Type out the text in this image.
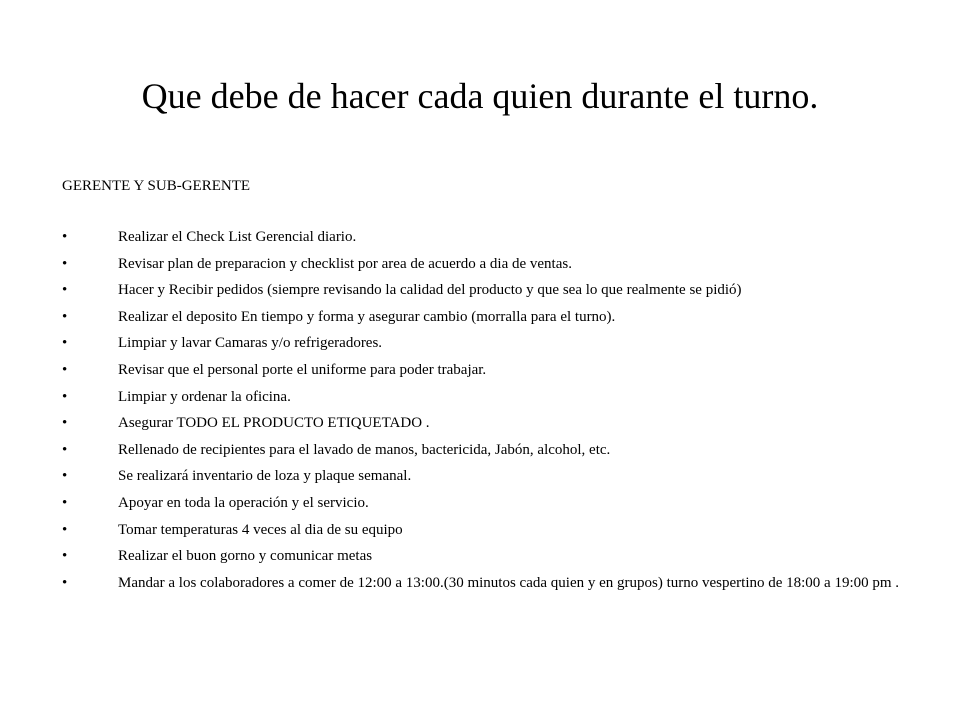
Que debe de hacer cada quien durante el turno.

GERENTE Y SUB-GERENTE

•	Realizar el Check List Gerencial diario.
•	Revisar plan de preparacion y checklist por area de acuerdo a dia de ventas.
•	Hacer y Recibir pedidos (siempre revisando la calidad del producto y que sea lo que realmente se pidió)
•	Realizar el deposito En tiempo y forma y asegurar cambio (morralla para el turno).
•	Limpiar y lavar Camaras y/o refrigeradores.
•	Revisar que el personal porte el uniforme para poder trabajar.
•	Limpiar y ordenar la oficina.
•	Asegurar TODO EL PRODUCTO ETIQUETADO .
•	Rellenado de recipientes para el lavado de manos, bactericida, Jabón, alcohol, etc.
•	Se realizará inventario de loza y plaque semanal.
•	Apoyar en toda la operación y el servicio.
•	Tomar temperaturas 4 veces al dia de su equipo
•	Realizar el buon gorno y comunicar metas
•	Mandar a los colaboradores a comer de 12:00 a 13:00.(30 minutos cada quien y en grupos) turno vespertino de 18:00 a 19:00 pm .
